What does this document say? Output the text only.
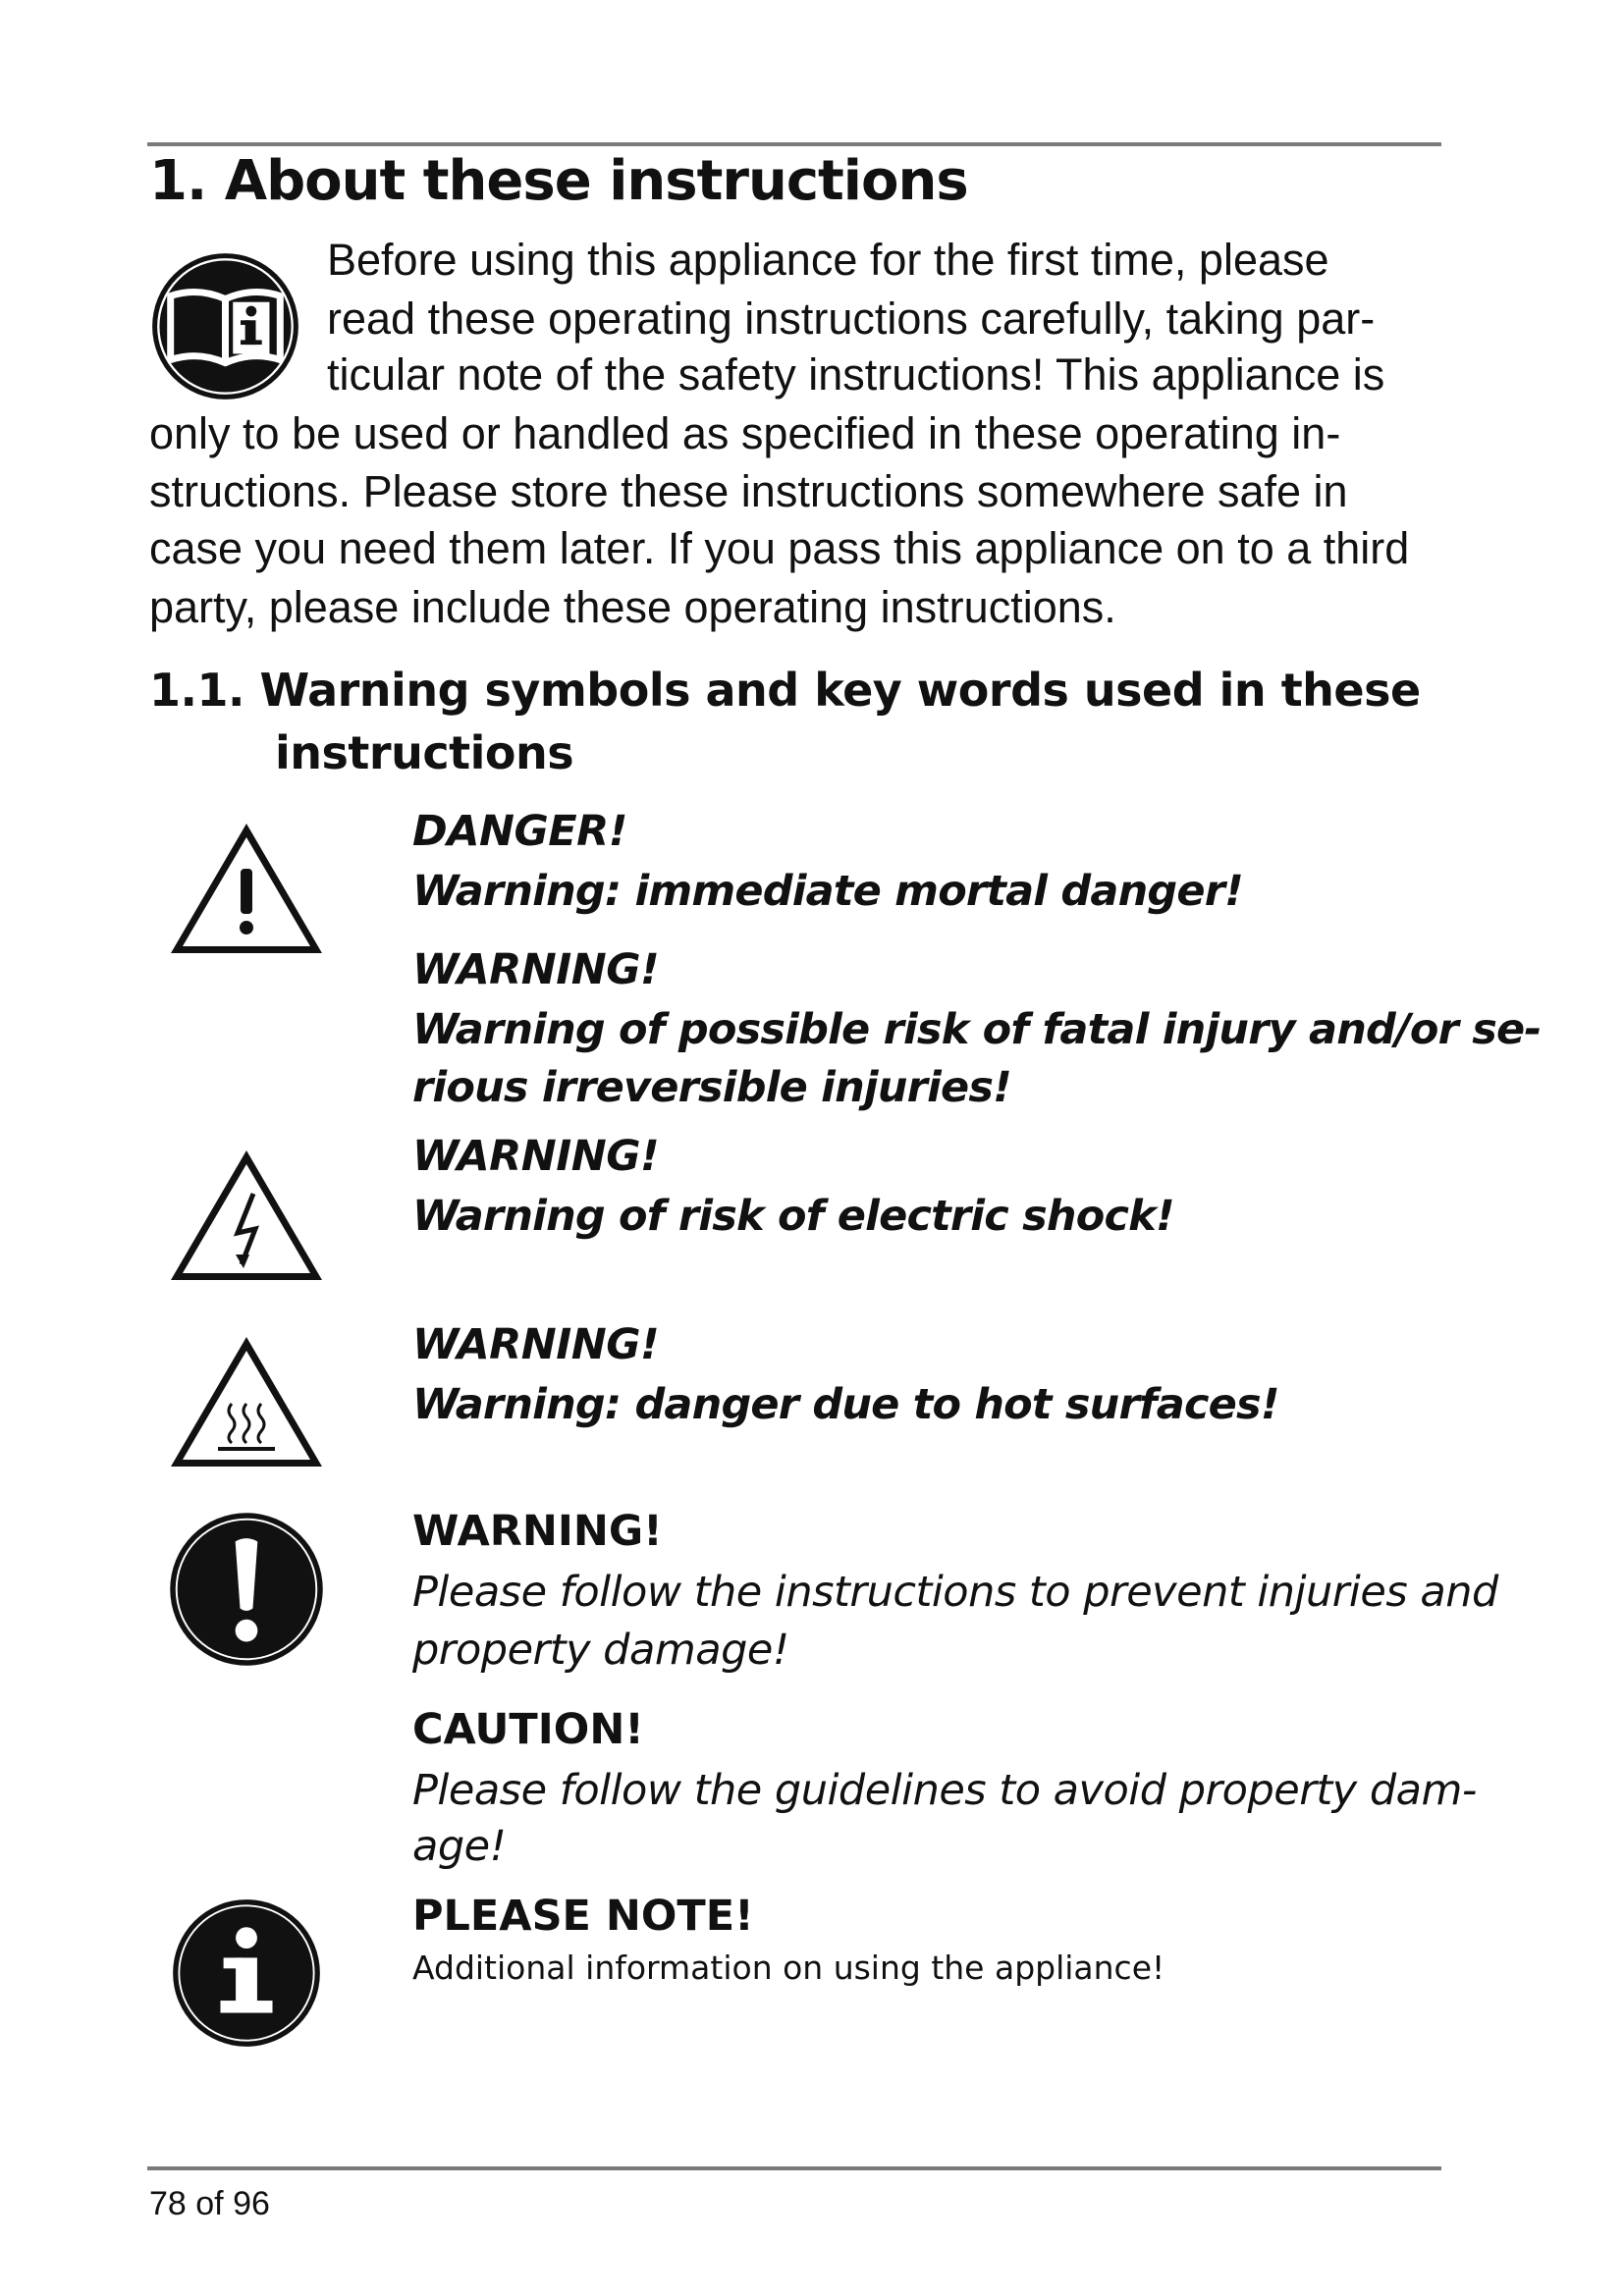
1. About these instructions
Before using this appliance for the first time, please
read these operating instructions carefully, taking par-
ticular note of the safety instructions! This appliance is
only to be used or handled as specified in these operating in-
structions. Please store these instructions somewhere safe in
case you need them later. If you pass this appliance on to a third
party, please include these operating instructions.
1.1. Warning symbols and key words used in these
instructions
DANGER!
Warning: immediate mortal danger!
WARNING!
Warning of possible risk of fatal injury and/or se-
rious irreversible injuries!
WARNING!
Warning of risk of electric shock!
WARNING!
Warning: danger due to hot surfaces!
WARNING!
Please follow the instructions to prevent injuries and
property damage!
CAUTION!
Please follow the guidelines to avoid property dam-
age!
PLEASE NOTE!
Additional information on using the appliance!
78 of 96
